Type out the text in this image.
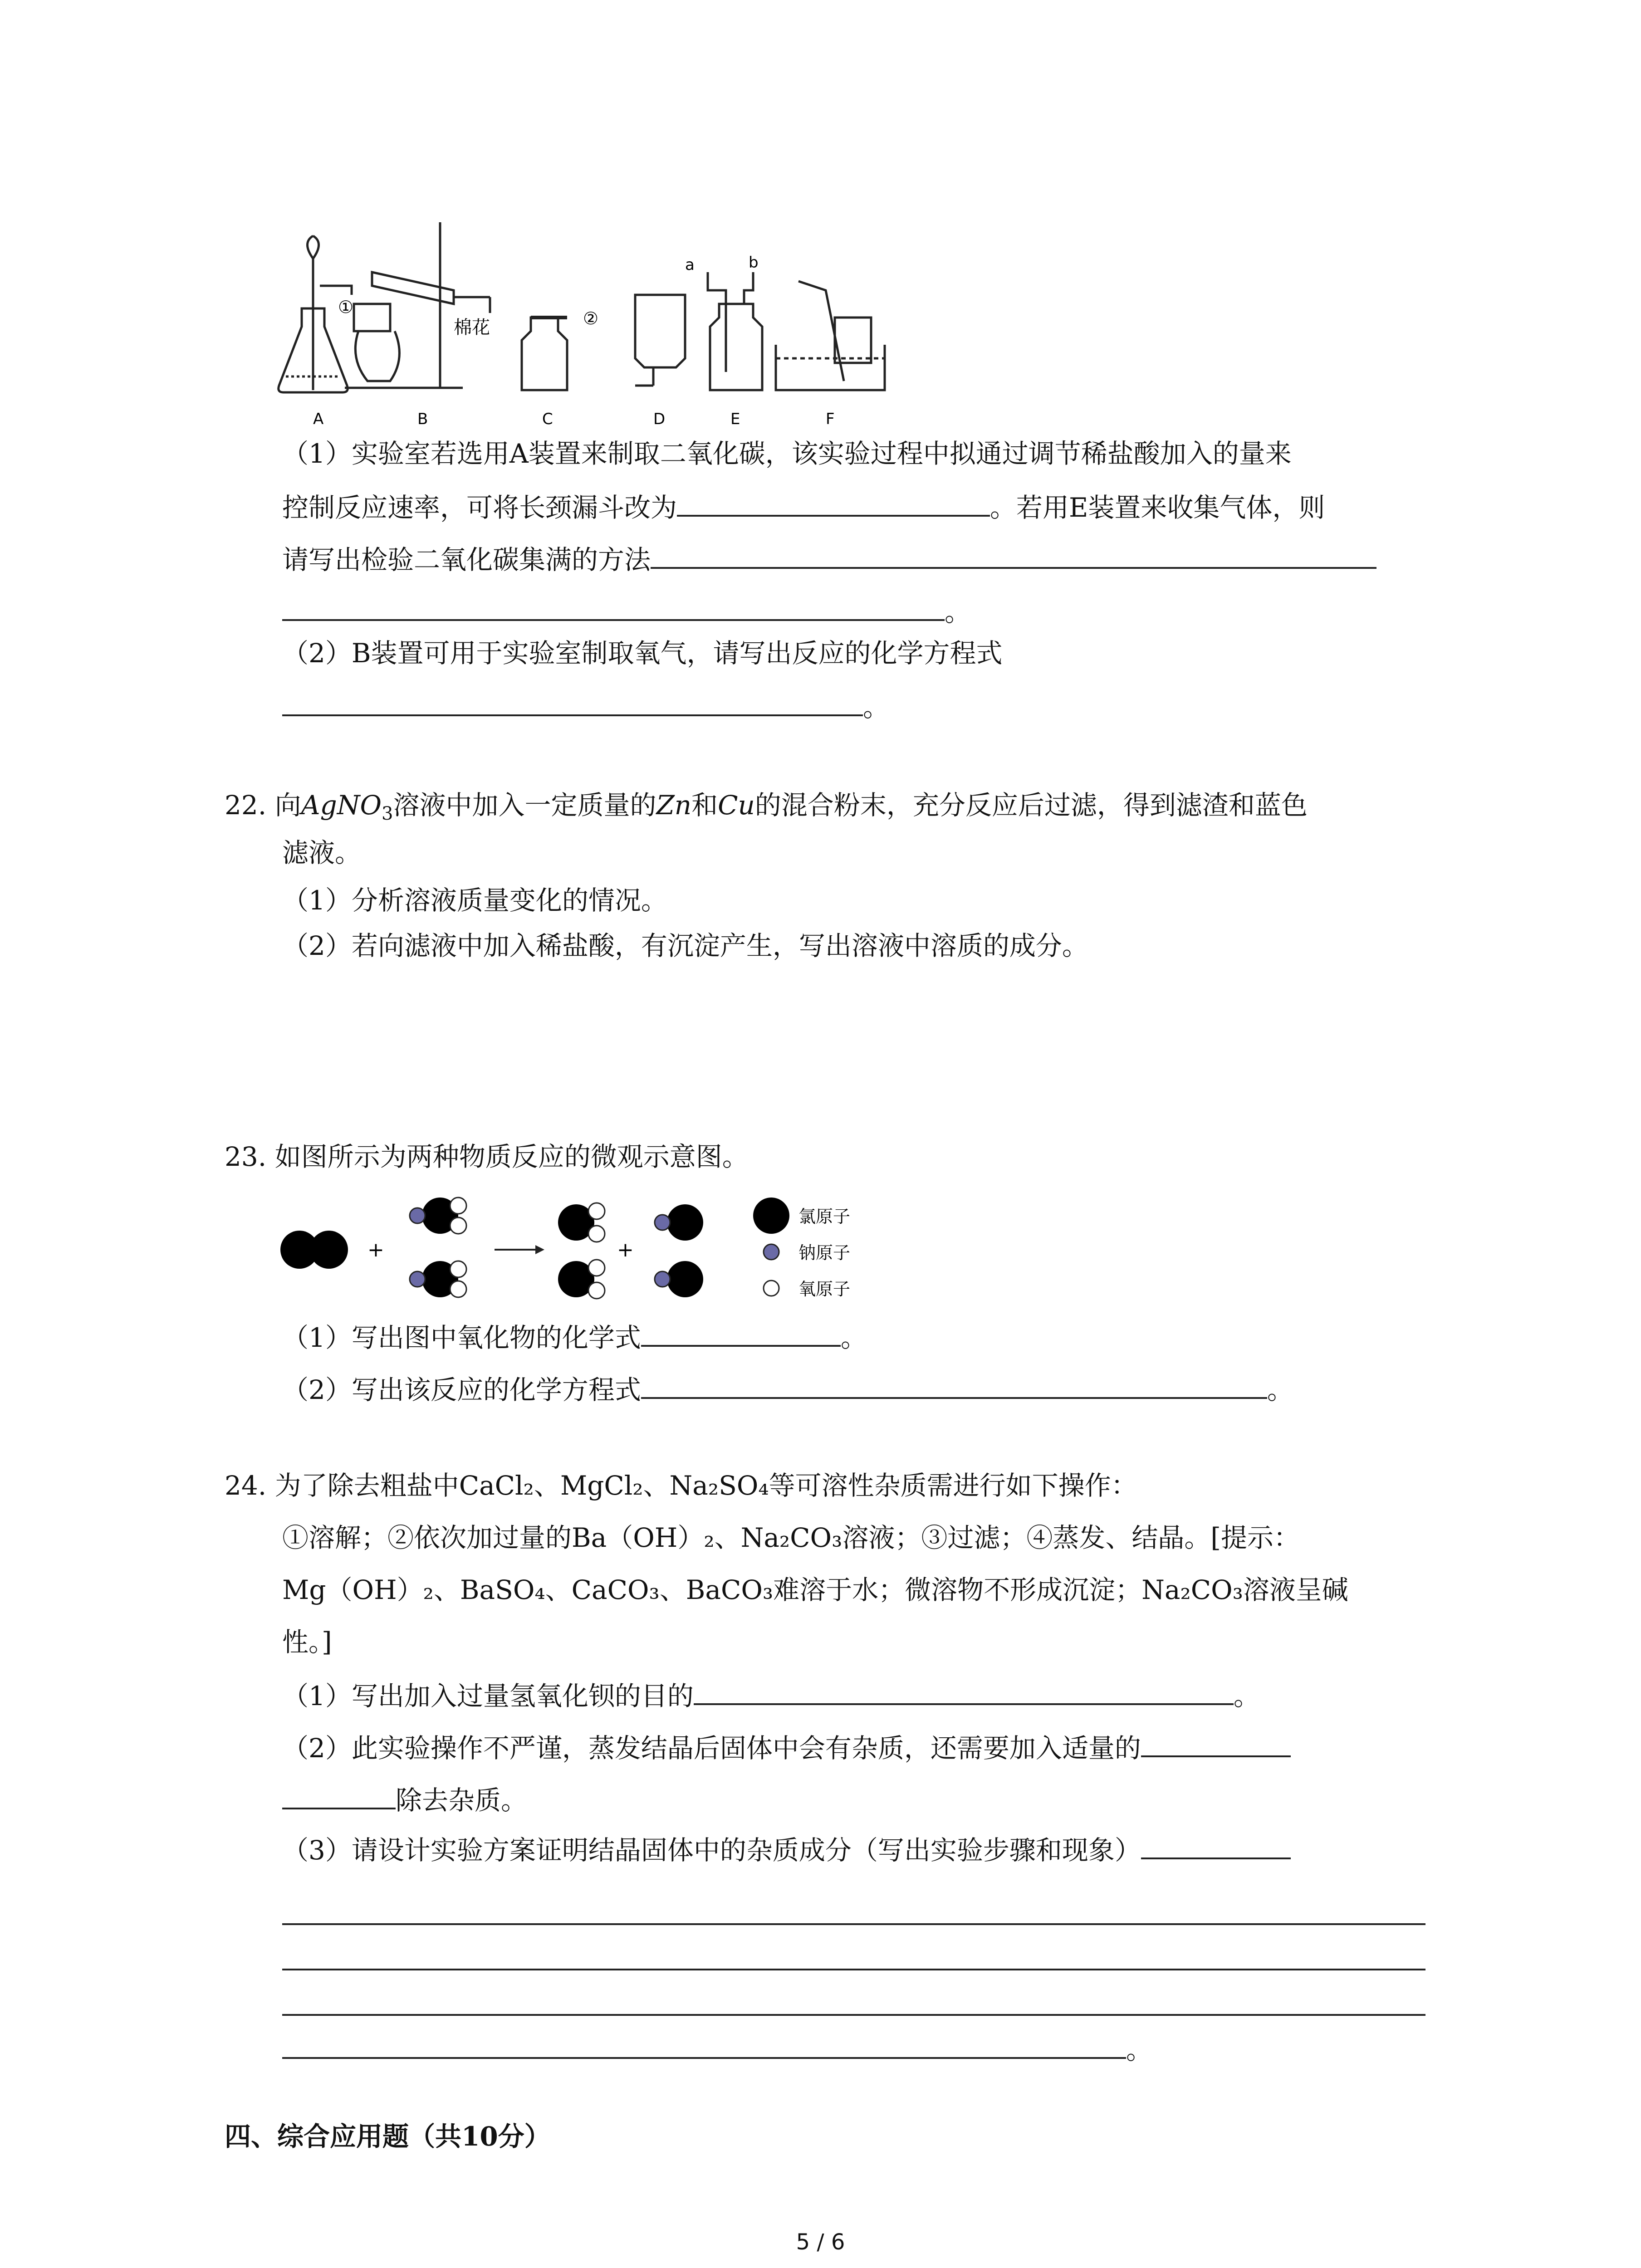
①
②
棉花
a	b
A	B	C	D	E	F
（1）实验室若选用A装置来制取二氧化碳，该实验过程中拟通过调节稀盐酸加入的量来
控制反应速率，可将长颈漏斗改为	。若用E装置来收集气体，则
请写出检验二氧化碳集满的方法
。
（2）B装置可用于实验室制取氧气，请写出反应的化学方程式
。
22. 向AgNO$_3$溶液中加入一定质量的Zn和Cu的混合粉末，充分反应后过滤，得到滤渣和蓝色
滤液。
（1）分析溶液质量变化的情况。
（2）若向滤液中加入稀盐酸，有沉淀产生，写出溶液中溶质的成分。
23. 如图所示为两种物质反应的微观示意图。
+	+
氯原子
钠原子
氧原子
（1）写出图中氧化物的化学式	。
（2）写出该反应的化学方程式	。
24. 为了除去粗盐中CaCl₂、MgCl₂、Na₂SO₄等可溶性杂质需进行如下操作：
①溶解；②依次加过量的Ba（OH）₂、Na₂CO₃溶液；③过滤；④蒸发、结晶。[提示：
Mg（OH）₂、BaSO₄、CaCO₃、BaCO₃难溶于水；微溶物不形成沉淀；Na₂CO₃溶液呈碱
性。]
（1）写出加入过量氢氧化钡的目的	。
（2）此实验操作不严谨，蒸发结晶后固体中会有杂质，还需要加入适量的
除去杂质。
（3）请设计实验方案证明结晶固体中的杂质成分（写出实验步骤和现象）
。
四、综合应用题（共10分）
5 / 6
